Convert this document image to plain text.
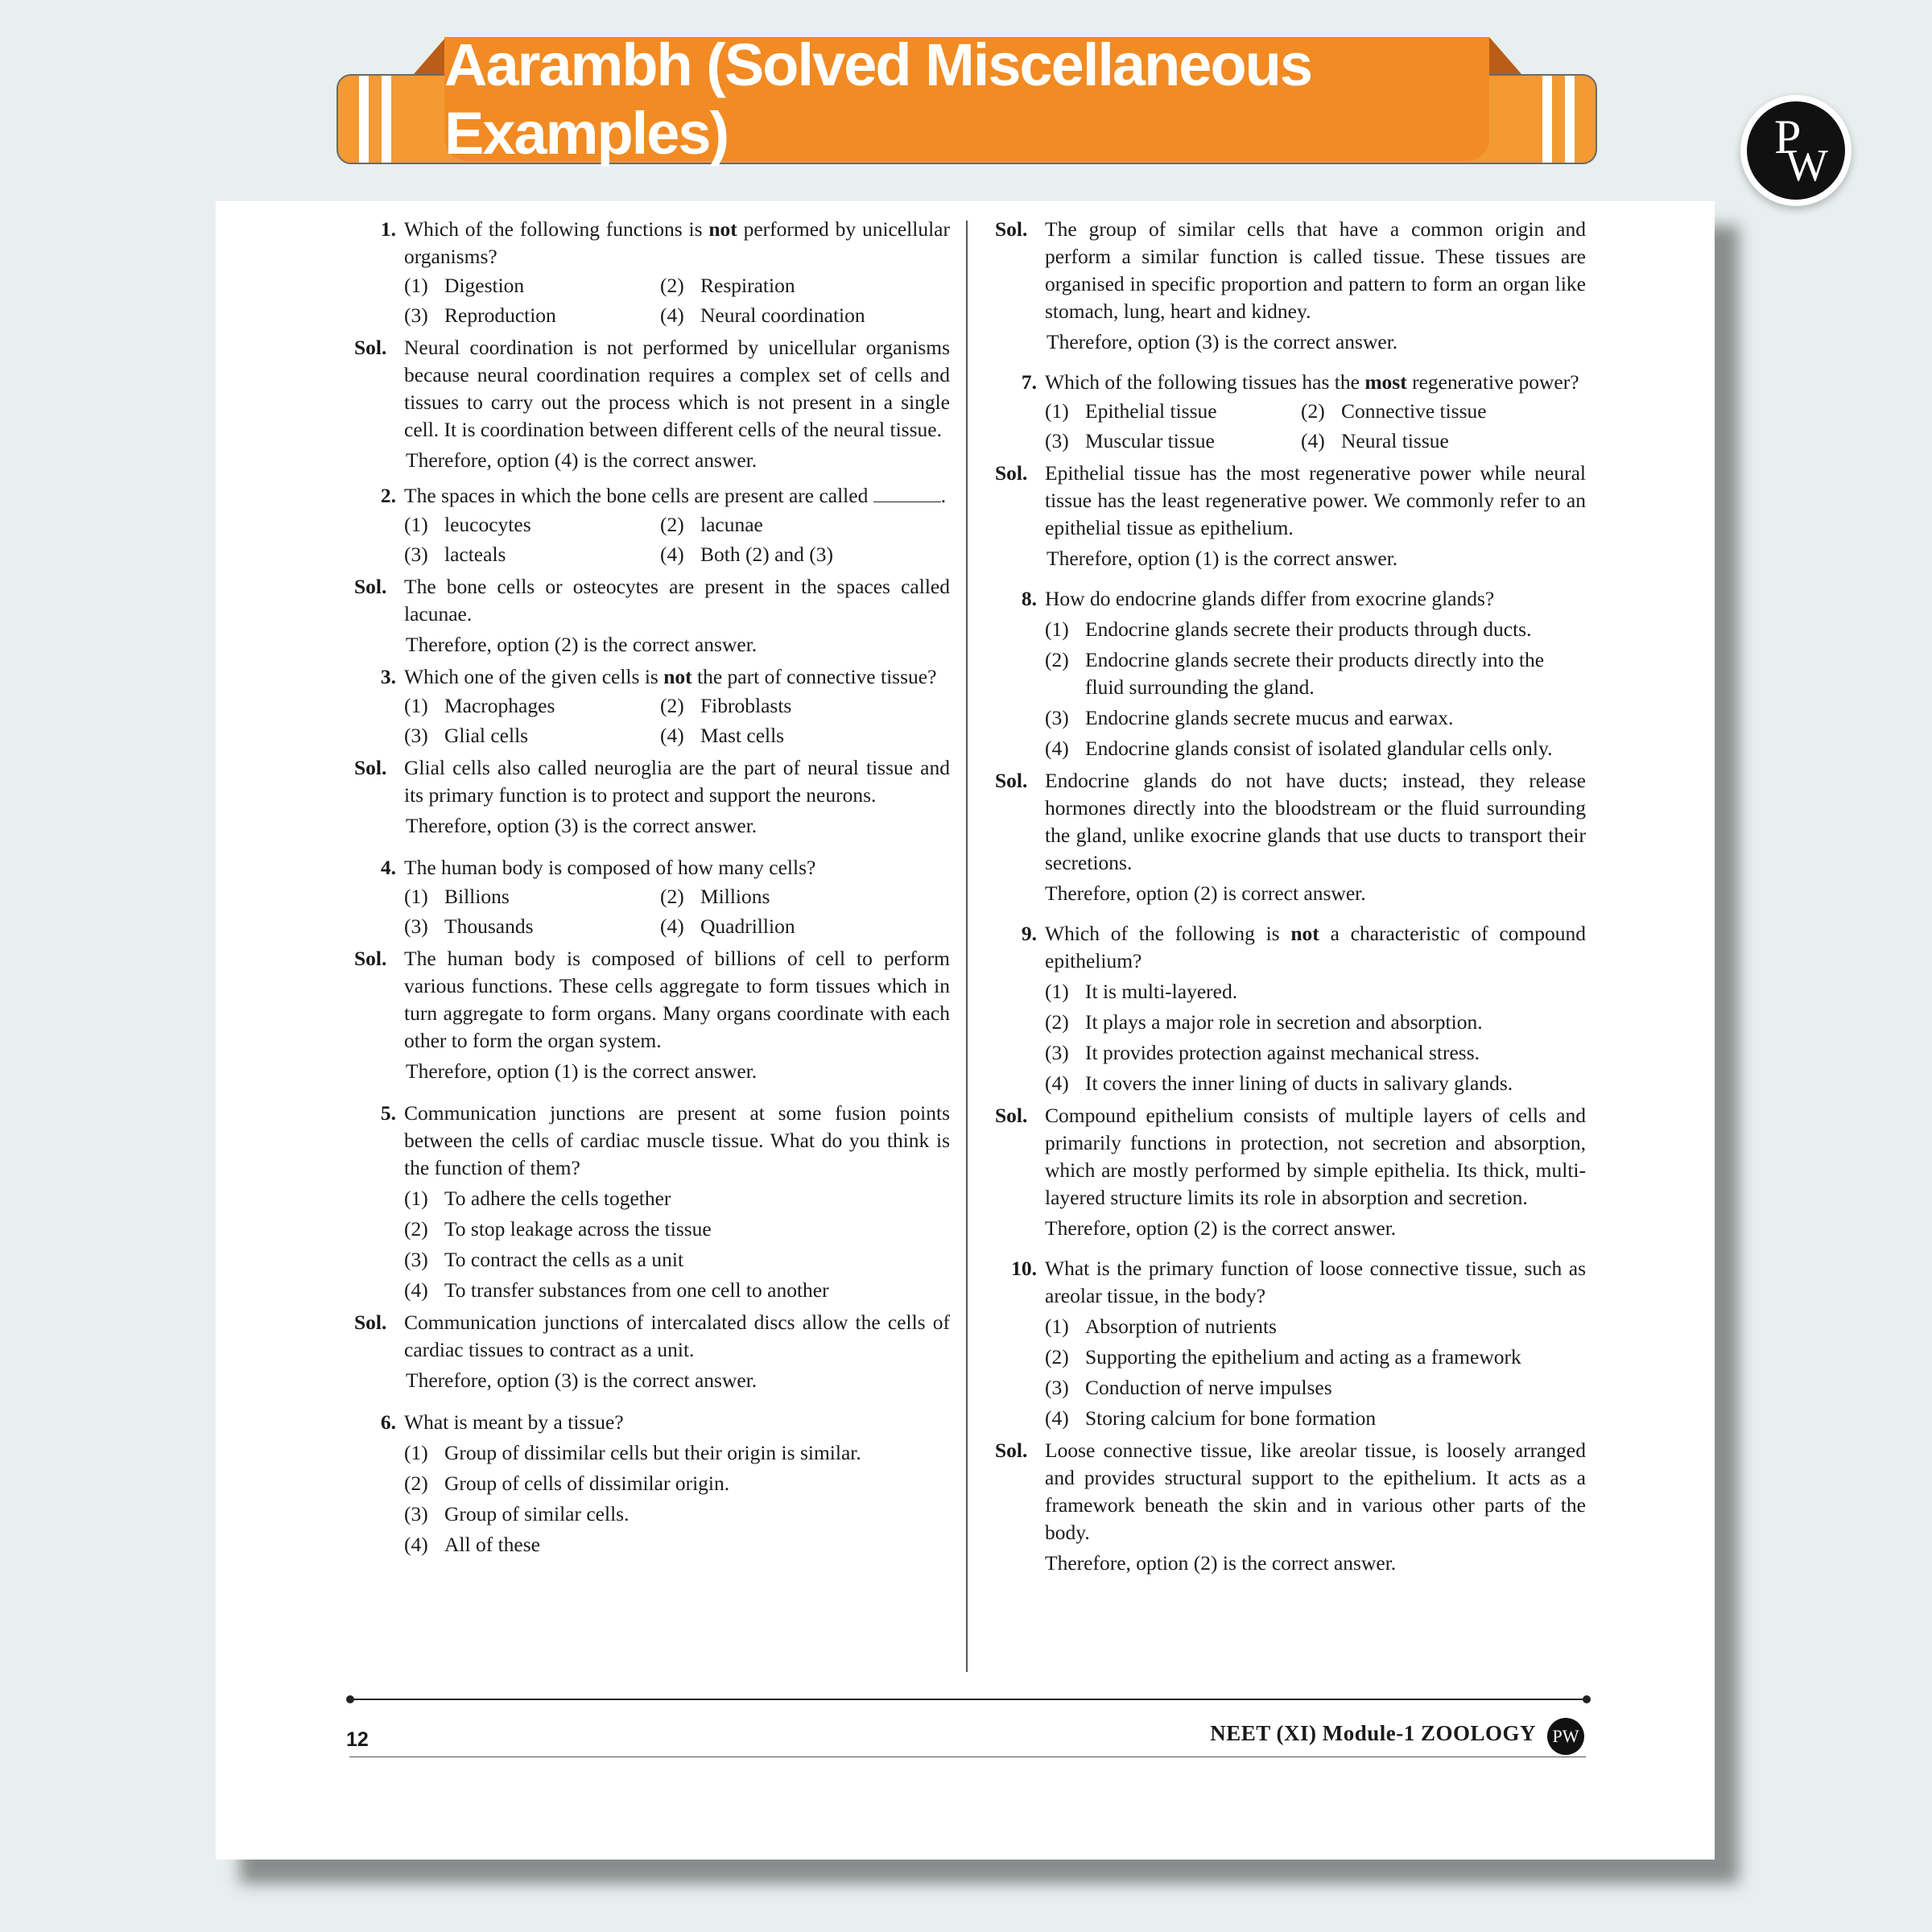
Aarambh (Solved Miscellaneous Examples)	P
W
1. Which of the following functions is not performed by unicellular organisms?
(1) Digestion	(2) Respiration
(3) Reproduction	(4) Neural coordination
Sol. Neural coordination is not performed by unicellular organisms because neural coordination requires a complex set of cells and tissues to carry out the process which is not present in a single cell. It is coordination between different cells of the neural tissue.
Therefore, option (4) is the correct answer.
2. The spaces in which the bone cells are present are called	.
(1) leucocytes	(2) lacunae
(3) lacteals	(4) Both (2) and (3)
Sol. The bone cells or osteocytes are present in the spaces called lacunae.
Therefore, option (2) is the correct answer.
3. Which one of the given cells is not the part of connective tissue?
(1) Macrophages	(2) Fibroblasts
(3) Glial cells	(4) Mast cells
Sol. Glial cells also called neuroglia are the part of neural tissue and its primary function is to protect and support the neurons.
Therefore, option (3) is the correct answer.
4. The human body is composed of how many cells?
(1) Billions	(2) Millions
(3) Thousands	(4) Quadrillion
Sol. The human body is composed of billions of cell to perform various functions. These cells aggregate to form tissues which in turn aggregate to form organs. Many organs coordinate with each other to form the organ system.
Therefore, option (1) is the correct answer.
5. Communication junctions are present at some fusion points between the cells of cardiac muscle tissue. What do you think is the function of them?
(1) To adhere the cells together
(2) To stop leakage across the tissue
(3) To contract the cells as a unit
(4) To transfer substances from one cell to another
Sol. Communication junctions of intercalated discs allow the cells of cardiac tissues to contract as a unit.
Therefore, option (3) is the correct answer.
6. What is meant by a tissue?
(1) Group of dissimilar cells but their origin is similar.
(2) Group of cells of dissimilar origin.
(3) Group of similar cells.
(4) All of these
Sol. The group of similar cells that have a common origin and perform a similar function is called tissue. These tissues are organised in specific proportion and pattern to form an organ like stomach, lung, heart and kidney.
Therefore, option (3) is the correct answer.
7. Which of the following tissues has the most regenerative power?
(1) Epithelial tissue	(2) Connective tissue
(3) Muscular tissue	(4) Neural tissue
Sol. Epithelial tissue has the most regenerative power while neural tissue has the least regenerative power. We commonly refer to an epithelial tissue as epithelium.
Therefore, option (1) is the correct answer.
8. How do endocrine glands differ from exocrine glands?
(1) Endocrine glands secrete their products through ducts.
(2) Endocrine glands secrete their products directly into the fluid surrounding the gland.
(3) Endocrine glands secrete mucus and earwax.
(4) Endocrine glands consist of isolated glandular cells only.
Sol. Endocrine glands do not have ducts; instead, they release hormones directly into the bloodstream or the fluid surrounding the gland, unlike exocrine glands that use ducts to transport their secretions.
Therefore, option (2) is correct answer.
9. Which of the following is not a characteristic of compound epithelium?
(1) It is multi-layered.
(2) It plays a major role in secretion and absorption.
(3) It provides protection against mechanical stress.
(4) It covers the inner lining of ducts in salivary glands.
Sol. Compound epithelium consists of multiple layers of cells and primarily functions in protection, not secretion and absorption, which are mostly performed by simple epithelia. Its thick, multi-layered structure limits its role in absorption and secretion.
Therefore, option (2) is the correct answer.
10. What is the primary function of loose connective tissue, such as areolar tissue, in the body?
(1) Absorption of nutrients
(2) Supporting the epithelium and acting as a framework
(3) Conduction of nerve impulses
(4) Storing calcium for bone formation
Sol. Loose connective tissue, like areolar tissue, is loosely arranged and provides structural support to the epithelium. It acts as a framework beneath the skin and in various other parts of the body.
Therefore, option (2) is the correct answer.
12	NEET (XI) Module-1 ZOOLOGY PW
